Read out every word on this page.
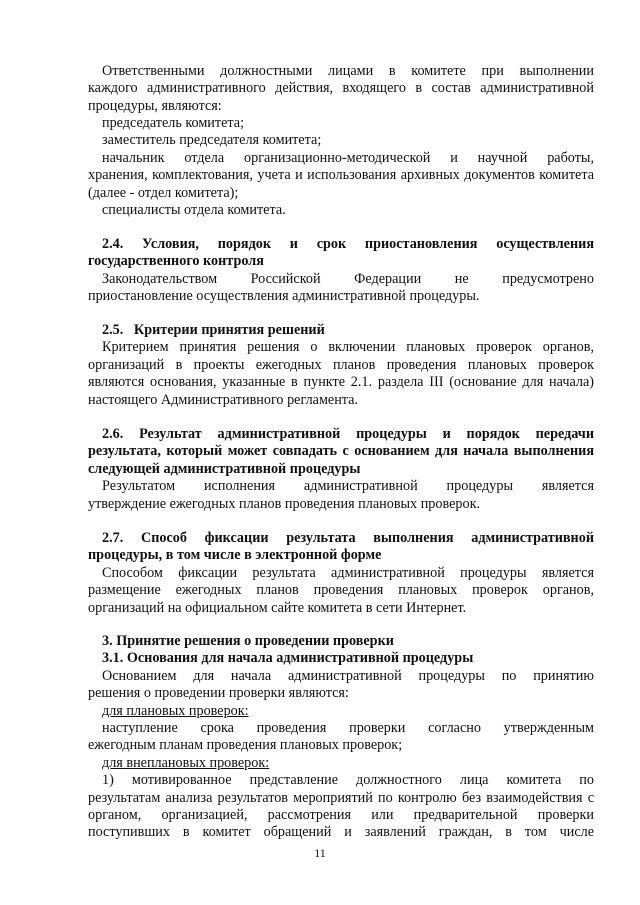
Ответственными должностными лицами в комитете при выполнении
каждого административного действия, входящего в состав административной
процедуры, являются:
председатель комитета;
заместитель председателя комитета;
начальник отдела организационно-методической и научной работы,
хранения, комплектования, учета и использования архивных документов комитета
(далее - отдел комитета);
специалисты отдела комитета.
2.4. Условия, порядок и срок приостановления осуществления
государственного контроля
Законодательством Российской Федерации не предусмотрено
приостановление осуществления административной процедуры.
2.5.   Критерии принятия решений
Критерием принятия решения о включении плановых проверок органов,
организаций в проекты ежегодных планов проведения плановых проверок
являются основания, указанные в пункте 2.1. раздела III (основание для начала)
настоящего Административного регламента.
2.6. Результат административной процедуры и порядок передачи
результата, который может совпадать с основанием для начала выполнения
следующей административной процедуры
Результатом исполнения административной процедуры является
утверждение ежегодных планов проведения плановых проверок.
2.7. Способ фиксации результата выполнения административной
процедуры, в том числе в электронной форме
Способом фиксации результата административной процедуры является
размещение ежегодных планов проведения плановых проверок органов,
организаций на официальном сайте комитета в сети Интернет.
3. Принятие решения о проведении проверки
3.1. Основания для начала административной процедуры
Основанием для начала административной процедуры по принятию
решения о проведении проверки являются:
для плановых проверок:
наступление срока проведения проверки согласно утвержденным
ежегодным планам проведения плановых проверок;
для внеплановых проверок:
1) мотивированное представление должностного лица комитета по
результатам анализа результатов мероприятий по контролю без взаимодействия с
органом, организацией, рассмотрения или предварительной проверки
поступивших в комитет обращений и заявлений граждан, в том числе
11
